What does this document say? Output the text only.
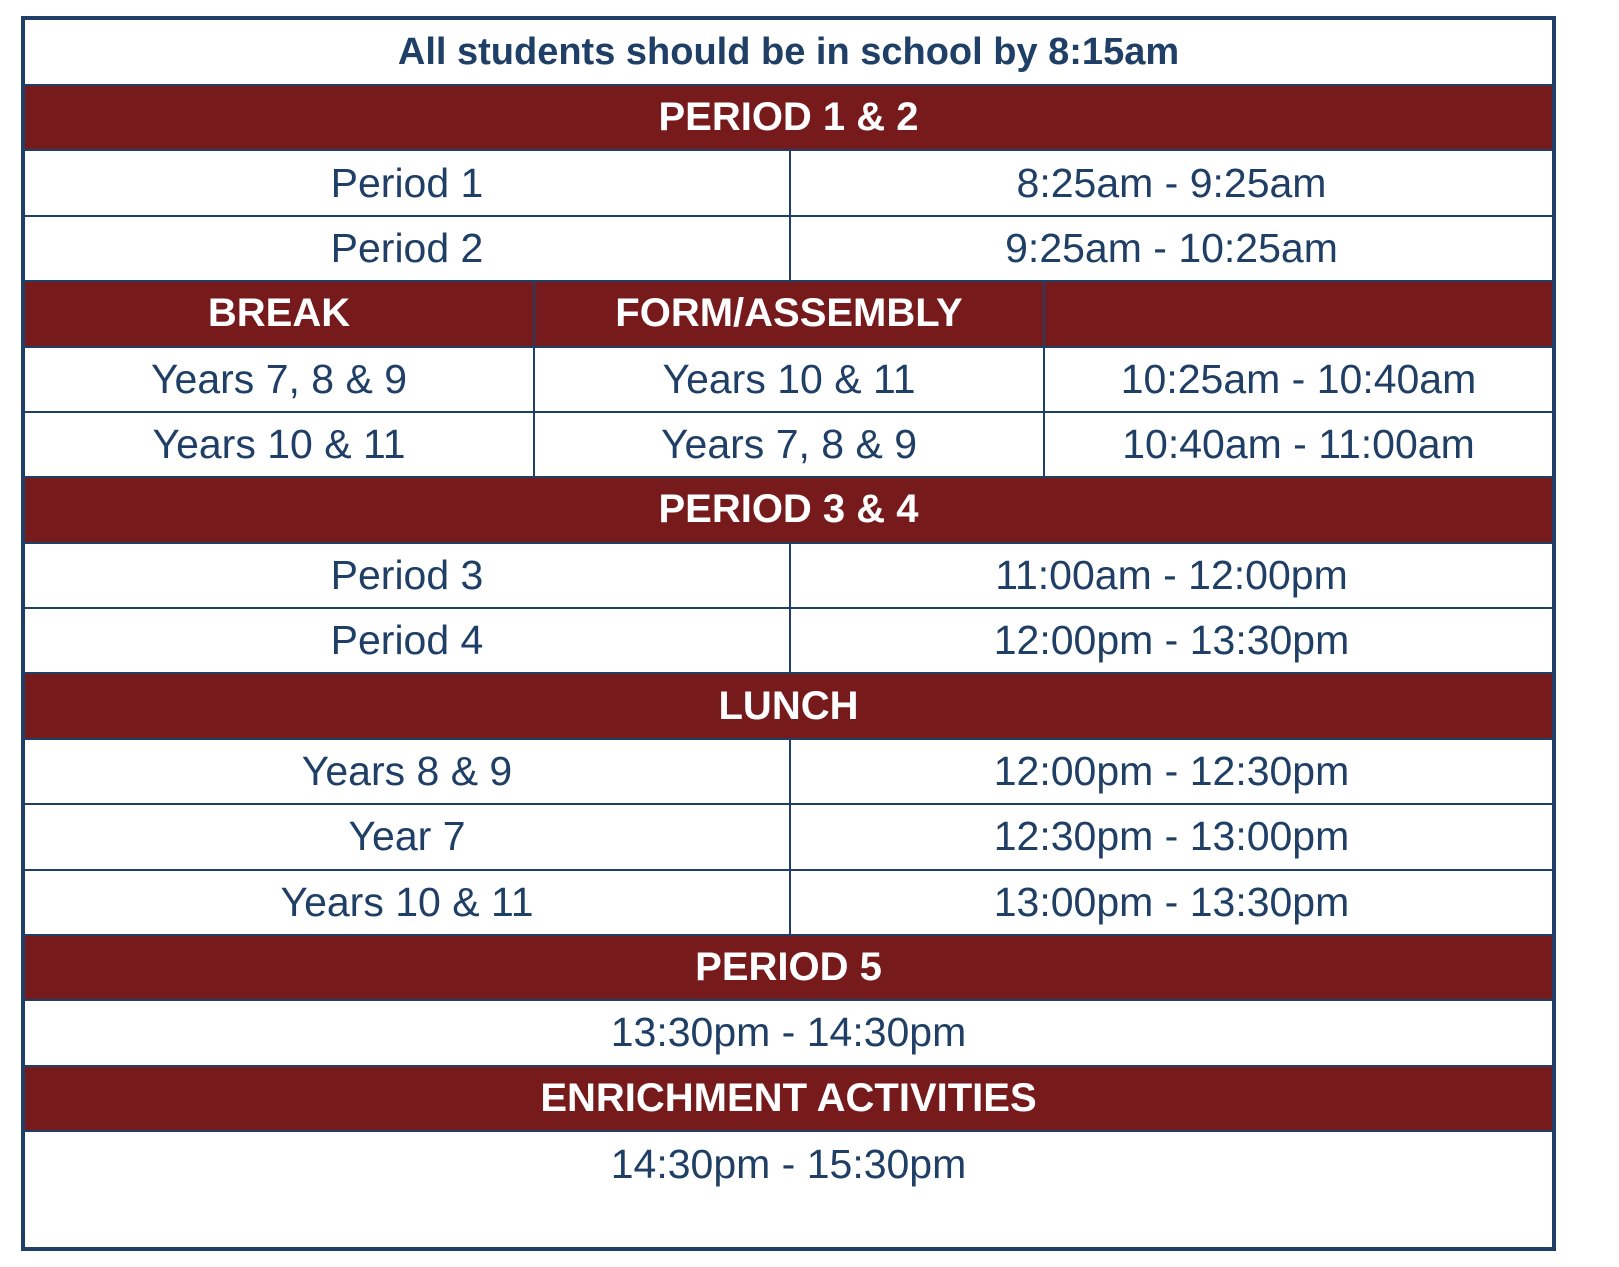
All students should be in school by 8:15am
PERIOD 1 & 2
Period 1	8:25am - 9:25am
Period 2	9:25am - 10:25am
BREAK	FORM/ASSEMBLY
Years 7, 8 & 9	Years 10 & 11	10:25am - 10:40am
Years 10 & 11	Years 7, 8 & 9	10:40am - 11:00am
PERIOD 3 & 4
Period 3	11:00am - 12:00pm
Period 4	12:00pm - 13:30pm
LUNCH
Years 8 & 9	12:00pm - 12:30pm
Year 7	12:30pm - 13:00pm
Years 10 & 11	13:00pm - 13:30pm
PERIOD 5
13:30pm - 14:30pm
ENRICHMENT ACTIVITIES
14:30pm - 15:30pm
